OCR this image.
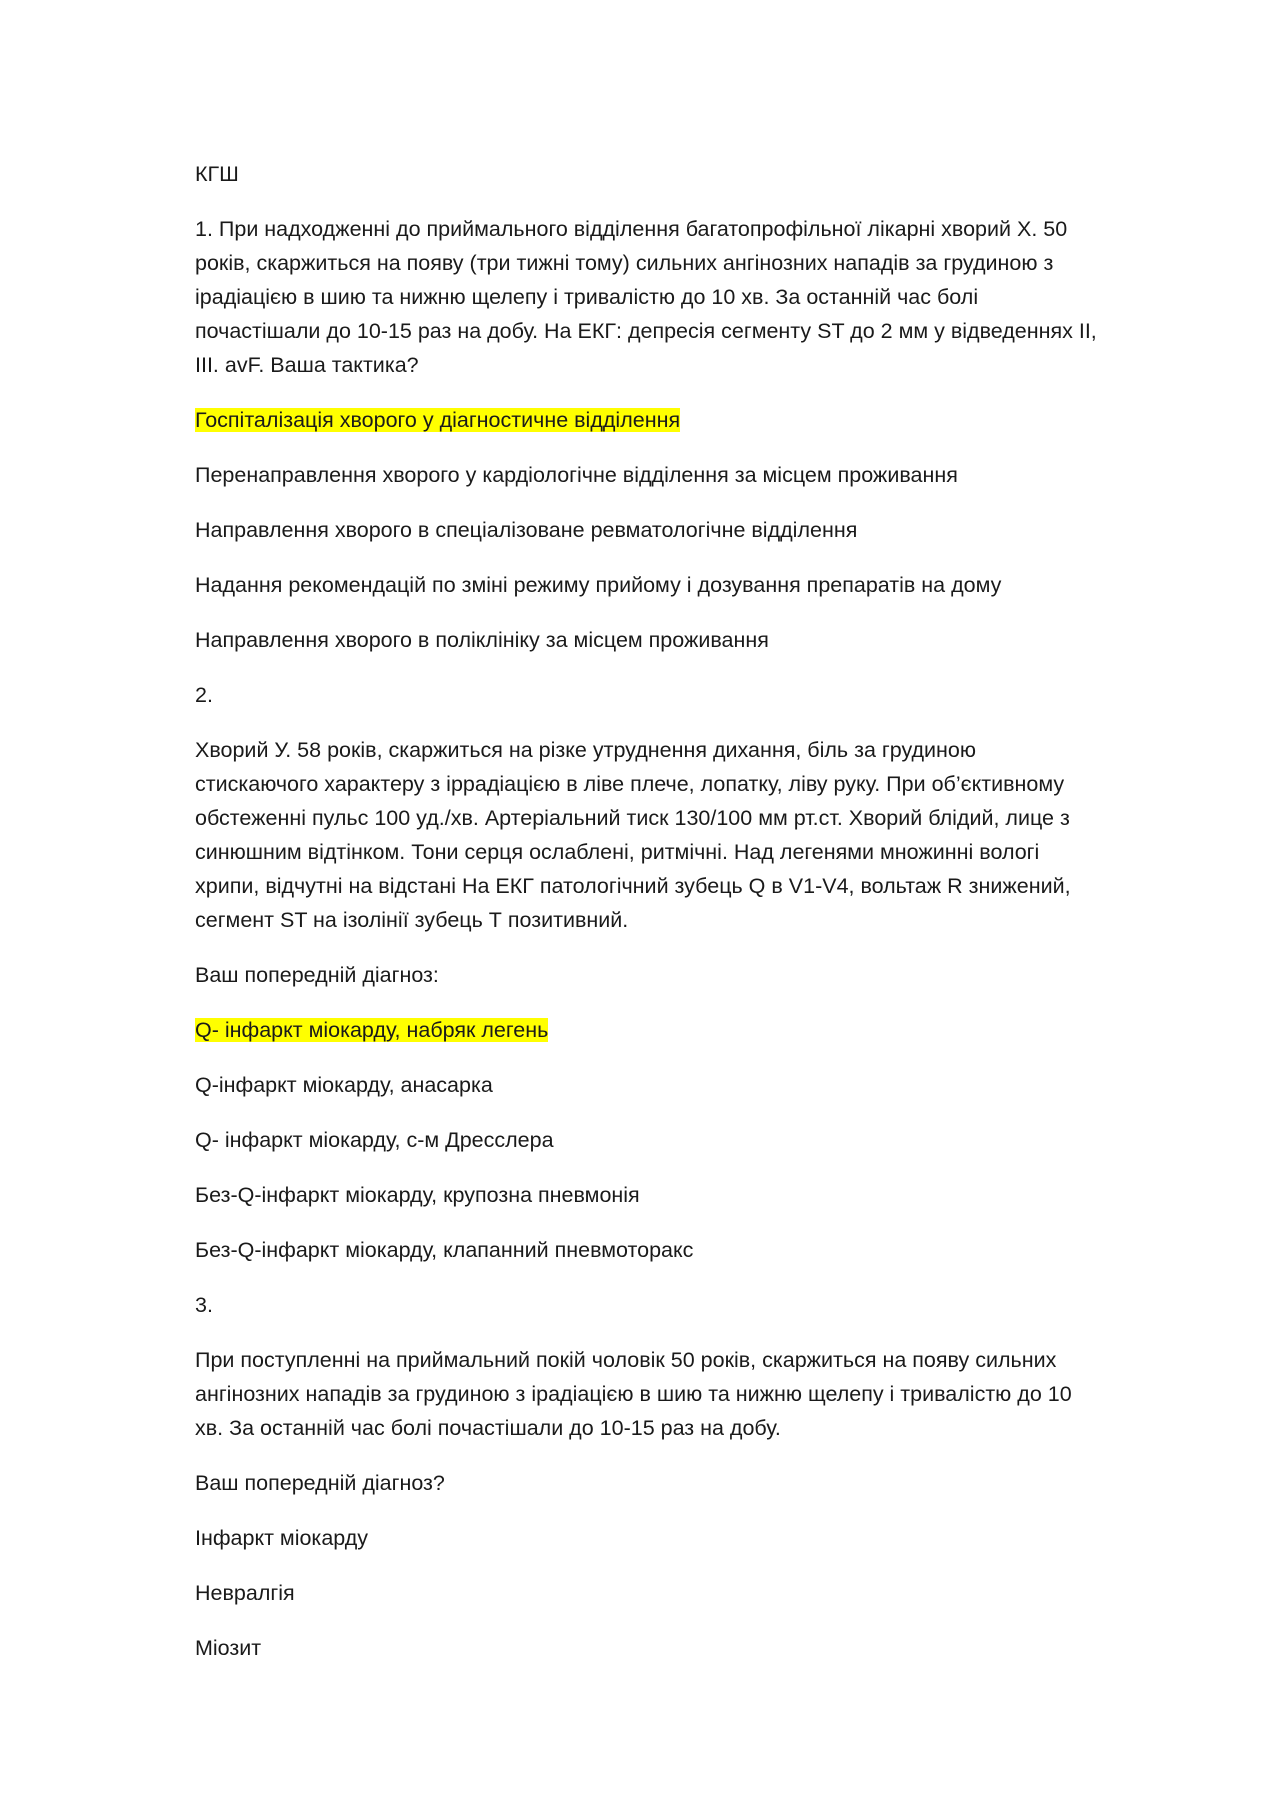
КГШ

1. При надходженні до приймального відділення багатопрофільної лікарні хворий Х. 50 років, скаржиться на появу (три тижні тому) сильних ангінозних нападів за грудиною з ірадіацією в шию та нижню щелепу і тривалістю до 10 хв. За останній час болі почастішали до 10-15 раз на добу. На ЕКГ: депресія сегменту ST до 2 мм у відведеннях II, III. avF. Ваша тактика?

Госпіталізація хворого у діагностичне відділення

Перенаправлення хворого у кардіологічне відділення за місцем проживання

Направлення хворого в спеціалізоване ревматологічне відділення

Надання рекомендацій по зміні режиму прийому і дозування препаратів на дому

Направлення хворого в поліклініку за місцем проживання

2.

Хворий У. 58 років, скаржиться на різке утруднення дихання, біль за грудиною стискаючого характеру з іррадіацією в ліве плече, лопатку, ліву руку. При об’єктивному обстеженні пульс 100 уд./хв. Артеріальний тиск 130/100 мм рт.ст. Хворий блідий, лице з синюшним відтінком. Тони серця ослаблені, ритмічні. Над легенями множинні вологі хрипи, відчутні на відстані На ЕКГ патологічний зубець Q в V1-V4, вольтаж R знижений, сегмент ST на ізолінії зубець Т позитивний.

Ваш попередній діагноз:

Q- інфаркт міокарду, набряк легень

Q-інфаркт міокарду, анасарка

Q- інфаркт міокарду, с-м Дресслера

Без-Q-інфаркт міокарду, крупозна пневмонія

Без-Q-інфаркт міокарду, клапанний пневмоторакс

3.

При поступленні на приймальний покій чоловік 50 років, скаржиться на появу сильних ангінозних нападів за грудиною з ірадіацією в шию та нижню щелепу і тривалістю до 10 хв. За останній час болі почастішали до 10-15 раз на добу.

Ваш попередній діагноз?

Інфаркт міокарду

Невралгія

Міозит
